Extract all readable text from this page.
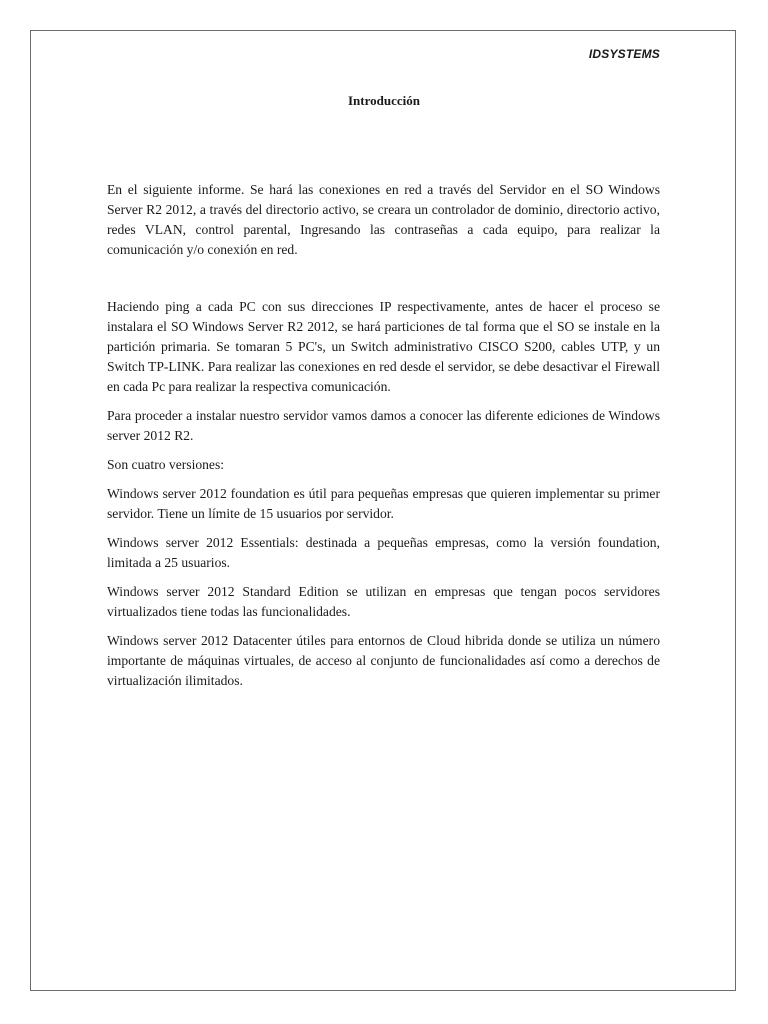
IDSYSTEMS
Introducción

En el siguiente informe. Se hará las conexiones en red a través del Servidor en el SO Windows Server R2 2012, a través del directorio activo, se creara un controlador de dominio, directorio activo, redes VLAN, control parental, Ingresando las contraseñas a cada equipo, para realizar la comunicación y/o conexión en red.

Haciendo ping a cada PC con sus direcciones IP respectivamente, antes de hacer el proceso se instalara el SO Windows Server R2 2012, se hará particiones de tal forma que el SO se instale en la partición primaria. Se tomaran 5 PC's, un Switch administrativo CISCO S200, cables UTP, y un Switch TP-LINK. Para realizar las conexiones en red desde el servidor, se debe desactivar el Firewall en cada Pc para realizar la respectiva comunicación.

Para proceder a instalar nuestro servidor vamos damos a conocer las diferente ediciones de Windows server 2012 R2.

Son cuatro versiones:

Windows server 2012 foundation es útil para pequeñas empresas que quieren implementar su primer servidor. Tiene un límite de 15 usuarios por servidor.

Windows server 2012 Essentials: destinada a pequeñas empresas, como la versión foundation, limitada a 25 usuarios.

Windows server 2012 Standard Edition se utilizan en empresas que tengan pocos servidores virtualizados tiene todas las funcionalidades.

Windows server 2012 Datacenter útiles para entornos de Cloud hibrida donde se utiliza un número importante de máquinas virtuales, de acceso al conjunto de funcionalidades así como a derechos de virtualización ilimitados.
